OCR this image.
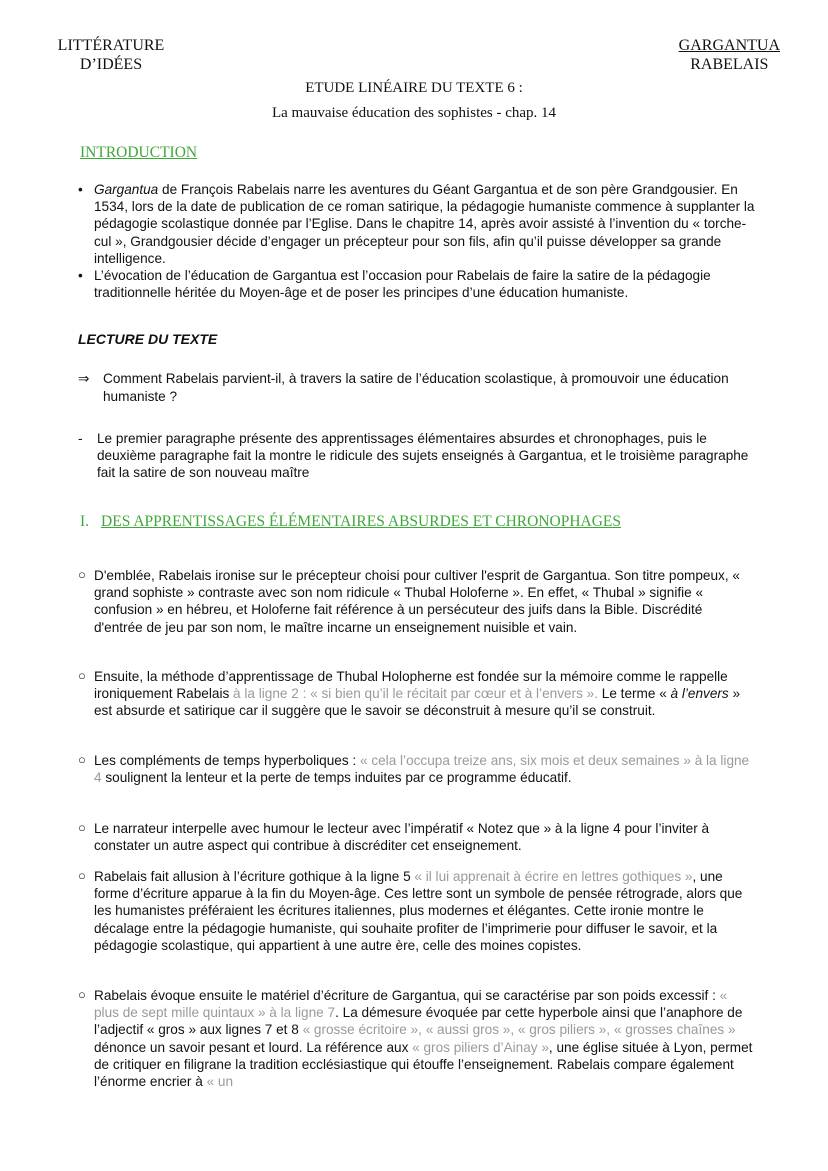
LITTÉRATURE
D’IDÉES
GARGANTUA
RABELAIS
ETUDE LINÉAIRE DU TEXTE 6 :
La mauvaise éducation des sophistes - chap. 14
INTRODUCTION
• Gargantua de François Rabelais narre les aventures du Géant Gargantua et de son père Grandgousier. En 1534, lors de la date de publication de ce roman satirique, la pédagogie humaniste commence à supplanter la pédagogie scolastique donnée par l’Eglise. Dans le chapitre 14, après avoir assisté à l’invention du « torche-cul », Grandgousier décide d’engager un précepteur pour son fils, afin qu’il puisse développer sa grande intelligence.
• L’évocation de l’éducation de Gargantua est l’occasion pour Rabelais de faire la satire de la pédagogie traditionnelle héritée du Moyen-âge et de poser les principes d’une éducation humaniste.
LECTURE DU TEXTE
⇒	Comment Rabelais parvient-il, à travers la satire de l’éducation scolastique, à promouvoir une éducation humaniste ?
-	Le premier paragraphe présente des apprentissages élémentaires absurdes et chronophages, puis le deuxième paragraphe fait la montre le ridicule des sujets enseignés à Gargantua, et le troisième paragraphe fait la satire de son nouveau maître
I. DES APPRENTISSAGES ÉLÉMENTAIRES ABSURDES ET CHRONOPHAGES
○ D'emblée, Rabelais ironise sur le précepteur choisi pour cultiver l'esprit de Gargantua. Son titre pompeux, « grand sophiste » contraste avec son nom ridicule « Thubal Holoferne ». En effet, « Thubal » signifie « confusion » en hébreu, et Holoferne fait référence à un persécuteur des juifs dans la Bible. Discrédité d'entrée de jeu par son nom, le maître incarne un enseignement nuisible et vain.
○ Ensuite, la méthode d’apprentissage de Thubal Holopherne est fondée sur la mémoire comme le rappelle ironiquement Rabelais à la ligne 2 : « si bien qu’il le récitait par cœur et à l’envers ». Le terme « à l’envers » est absurde et satirique car il suggère que le savoir se déconstruit à mesure qu’il se construit.
○ Les compléments de temps hyperboliques : « cela l’occupa treize ans, six mois et deux semaines » à la ligne 4 soulignent la lenteur et la perte de temps induites par ce programme éducatif.
○ Le narrateur interpelle avec humour le lecteur avec l’impératif « Notez que » à la ligne 4 pour l’inviter à constater un autre aspect qui contribue à discréditer cet enseignement.
○ Rabelais fait allusion à l’écriture gothique à la ligne 5 « il lui apprenait à écrire en lettres gothiques », une forme d’écriture apparue à la fin du Moyen-âge. Ces lettre sont un symbole de pensée rétrograde, alors que les humanistes préféraient les écritures italiennes, plus modernes et élégantes. Cette ironie montre le décalage entre la pédagogie humaniste, qui souhaite profiter de l’imprimerie pour diffuser le savoir, et la pédagogie scolastique, qui appartient à une autre ère, celle des moines copistes.
○ Rabelais évoque ensuite le matériel d’écriture de Gargantua, qui se caractérise par son poids excessif : « plus de sept mille quintaux » à la ligne 7. La démesure évoquée par cette hyperbole ainsi que l’anaphore de l’adjectif « gros » aux lignes 7 et 8 « grosse écritoire », « aussi gros », « gros piliers », « grosses chaînes » dénonce un savoir pesant et lourd. La référence aux « gros piliers d’Ainay », une église située à Lyon, permet de critiquer en filigrane la tradition ecclésiastique qui étouffe l’enseignement. Rabelais compare également l’énorme encrier à « un
